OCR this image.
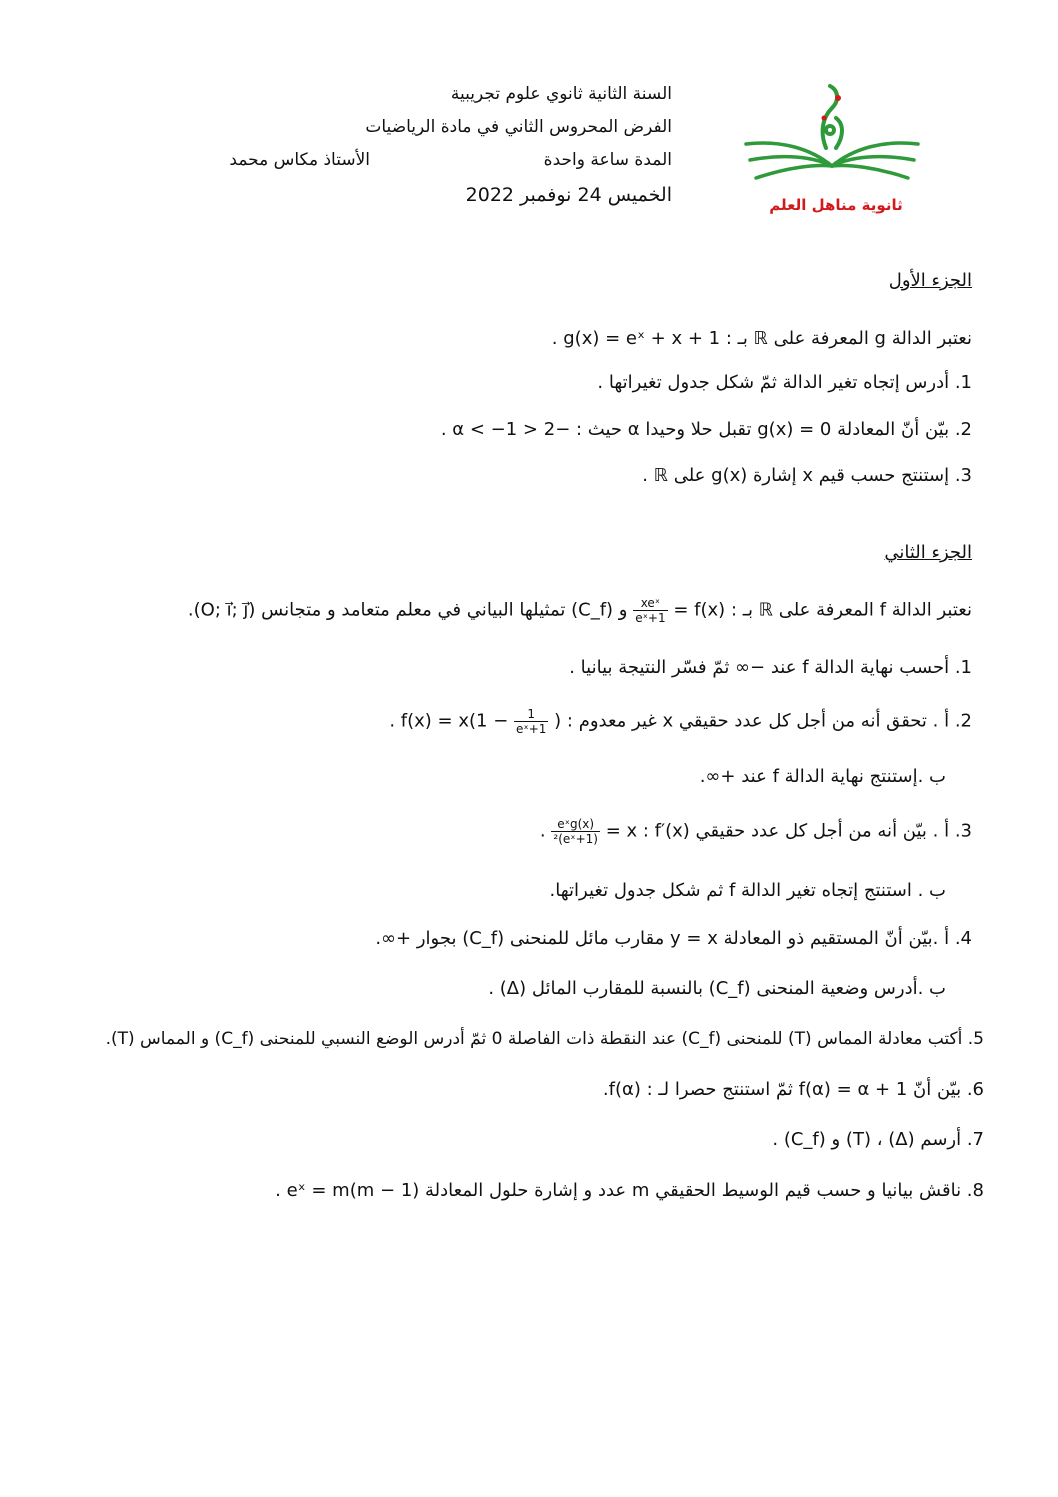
السنة الثانية ثانوي علوم تجريبية
الفرض المحروس الثاني في مادة الرياضيات
المدة ساعة واحدة
الأستاذ مكاس محمد
الخميس 24 نوفمبر 2022	ثانوية مناهل العلم
الجزء الأول
نعتبر الدالة g المعرفة على ℝ بـ : g(x) = eˣ + x + 1 .
1. أدرس إتجاه تغير الدالة ثمّ شكل جدول تغيراتها .
2. بيّن أنّ المعادلة g(x) = 0 تقبل حلا وحيدا α حيث : −2 < α < −1 .
3. إستنتج حسب قيم x إشارة g(x) على ℝ .
الجزء الثاني
نعتبر الدالة f المعرفة على ℝ بـ : f(x) =
$\frac{\text{xeˣ}}{\text{eˣ+1}}$
و (C_f) تمثيلها البياني في معلم متعامد و متجانس (O; i⃗; j⃗).
1. أحسب نهاية الدالة f عند −∞ ثمّ فسّر النتيجة بيانيا .
2. أ . تحقق أنه من أجل كل عدد حقيقي x غير معدوم : f(x) = x(1 −
$\frac{1}{\text{eˣ+1}}$
) .
ب .إستنتج نهاية الدالة f عند +∞.
3. أ . بيّن أنه من أجل كل عدد حقيقي x : f′(x) =
$\frac{\text{eˣg(x)}}{\text{(eˣ+1)²}}$
.
ب . استنتج إتجاه تغير الدالة f ثم شكل جدول تغيراتها.
4. أ .بيّن أنّ المستقيم ذو المعادلة y = x مقارب مائل للمنحنى (C_f) بجوار +∞.
ب .أدرس وضعية المنحنى (C_f) بالنسبة للمقارب المائل (Δ) .
5. أكتب معادلة المماس (T) للمنحنى (C_f) عند النقطة ذات الفاصلة 0 ثمّ أدرس الوضع النسبي للمنحنى (C_f) و المماس (T).
6. بيّن أنّ f(α) = α + 1 ثمّ استنتج حصرا لـ : f(α).
7. أرسم (Δ) ، (T) و (C_f) .
8. ناقش بيانيا و حسب قيم الوسيط الحقيقي m عدد و إشارة حلول المعادلة (1 − m)eˣ = m .
